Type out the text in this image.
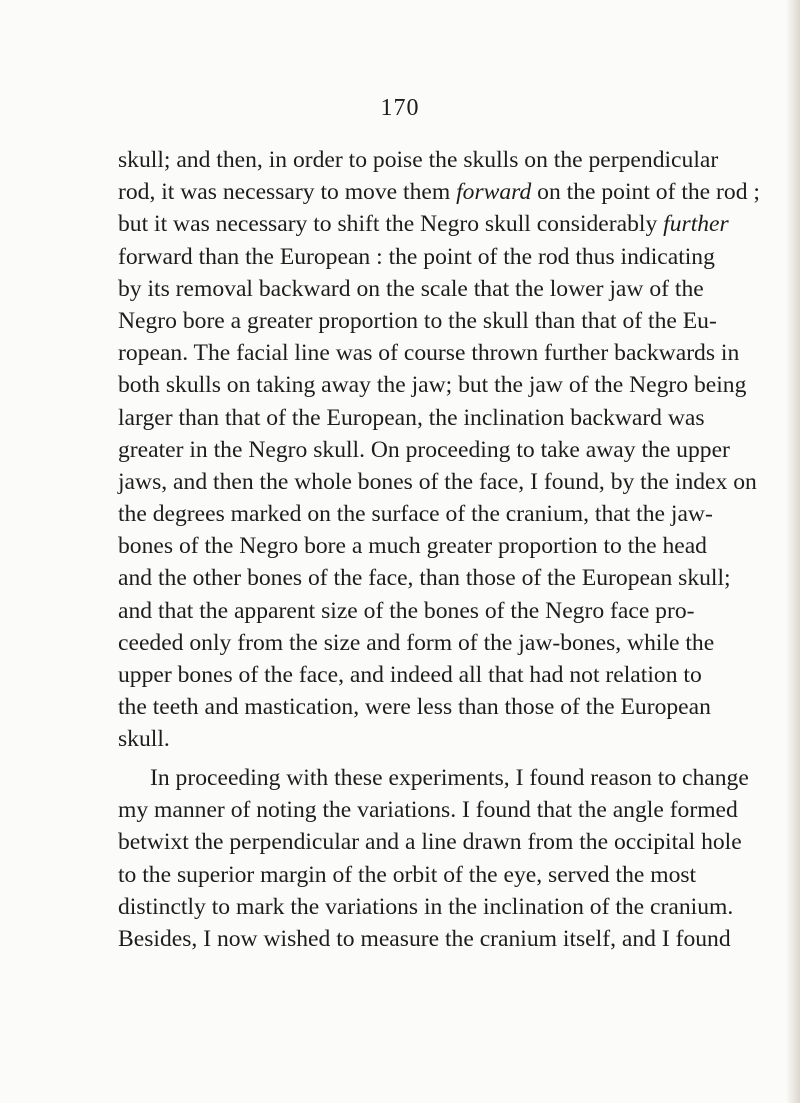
170
skull; and then, in order to poise the skulls on the perpendicular
rod, it was necessary to move them forward on the point of the rod ;
but it was necessary to shift the Negro skull considerably further
forward than the European : the point of the rod thus indicating
by its removal backward on the scale that the lower jaw of the
Negro bore a greater proportion to the skull than that of the Eu-
ropean. The facial line was of course thrown further backwards in
both skulls on taking away the jaw; but the jaw of the Negro being
larger than that of the European, the inclination backward was
greater in the Negro skull. On proceeding to take away the upper
jaws, and then the whole bones of the face, I found, by the index on
the degrees marked on the surface of the cranium, that the jaw-
bones of the Negro bore a much greater proportion to the head
and the other bones of the face, than those of the European skull;
and that the apparent size of the bones of the Negro face pro-
ceeded only from the size and form of the jaw-bones, while the
upper bones of the face, and indeed all that had not relation to
the teeth and mastication, were less than those of the European
skull.
In proceeding with these experiments, I found reason to change
my manner of noting the variations. I found that the angle formed
betwixt the perpendicular and a line drawn from the occipital hole
to the superior margin of the orbit of the eye, served the most
distinctly to mark the variations in the inclination of the cranium.
Besides, I now wished to measure the cranium itself, and I found
